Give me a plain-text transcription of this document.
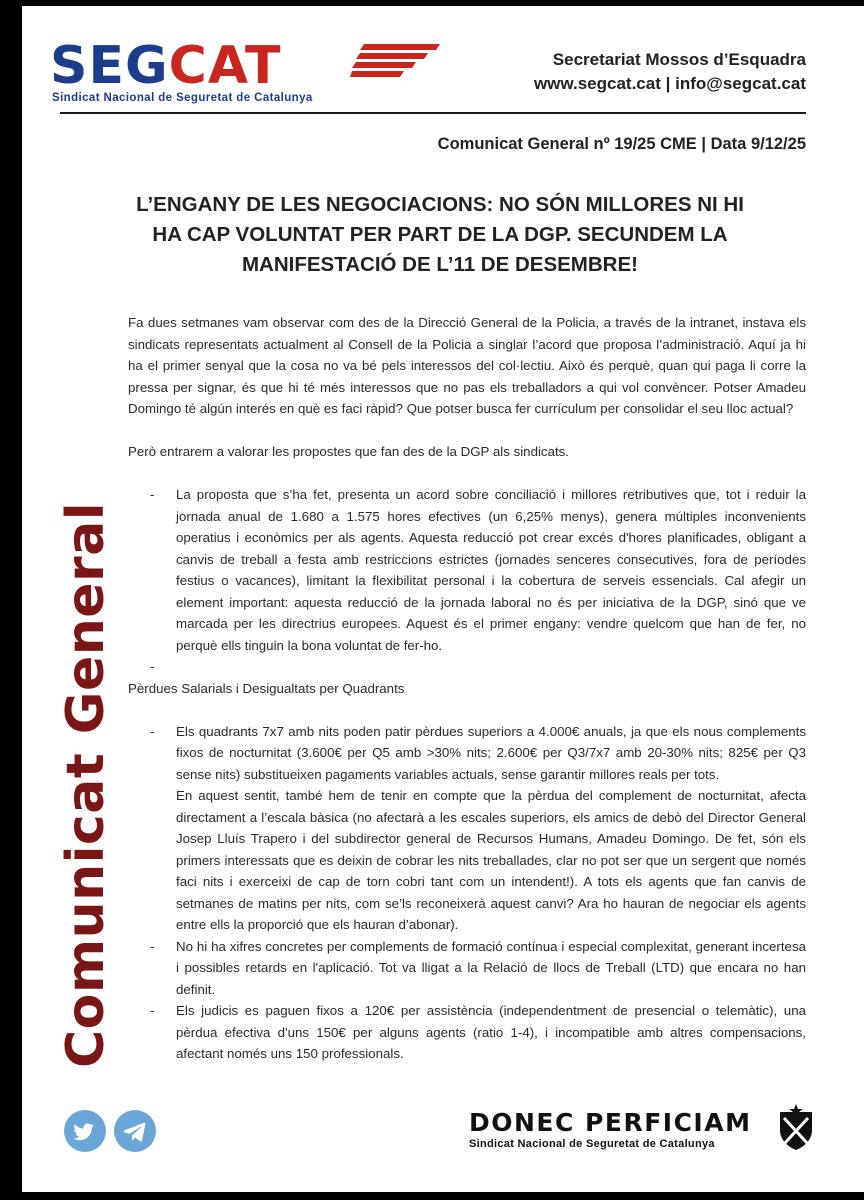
SEGCAT
Sindicat Nacional de Seguretat de Catalunya
Secretariat Mossos d’Esquadra
www.segcat.cat | info@segcat.cat
Comunicat General nº 19/25 CME | Data 9/12/25
L’ENGANY DE LES NEGOCIACIONS: NO SÓN MILLORES NI HI HA CAP VOLUNTAT PER PART DE LA DGP. SECUNDEM LA MANIFESTACIÓ DE L’11 DE DESEMBRE!
Comunicat General

Fa dues setmanes vam observar com des de la Direcció General de la Policia, a través de la intranet, instava els sindicats representats actualment al Consell de la Policia a singlar l’acord que proposa l’administració. Aquí ja hi ha el primer senyal que la cosa no va bé pels interessos del col·lectiu. Això és perquè, quan qui paga li corre la pressa per signar, és que hi té més interessos que no pas els treballadors a qui vol convèncer. Potser Amadeu Domingo té algún interés en què es faci ràpid? Que potser busca fer currículum per consolidar el seu lloc actual?

Però entrarem a valorar les propostes que fan des de la DGP als sindicats.

- La proposta que s’ha fet, presenta un acord sobre conciliació i millores retributives que, tot i reduir la jornada anual de 1.680 a 1.575 hores efectives (un 6,25% menys), genera múltiples inconvenients operatius i econòmics per als agents. Aquesta reducció pot crear excés d'hores planificades, obligant a canvis de treball a festa amb restriccions estrictes (jornades senceres consecutives, fora de períodes festius o vacances), limitant la flexibilitat personal i la cobertura de serveis essencials. Cal afegir un element important: aquesta reducció de la jornada laboral no és per iniciativa de la DGP, sinó que ve marcada per les directrius europees. Aquest és el primer engany: vendre quelcom que han de fer, no perquè ells tinguin la bona voluntat de fer-ho.

-

Pèrdues Salarials i Desigualtats per Quadrants

- Els quadrants 7x7 amb nits poden patir pèrdues superiors a 4.000€ anuals, ja que els nous complements fixos de nocturnitat (3.600€ per Q5 amb >30% nits; 2.600€ per Q3/7x7 amb 20-30% nits; 825€ per Q3 sense nits) substitueixen pagaments variables actuals, sense garantir millores reals per tots.

En aquest sentit, també hem de tenir en compte que la pèrdua del complement de nocturnitat, afecta directament a l’escala bàsica (no afectarà a les escales superiors, els amics de debò del Director General Josep Lluís Trapero i del subdirector general de Recursos Humans, Amadeu Domingo. De fet, són els primers interessats que es deixin de cobrar les nits treballades, clar no pot ser que un sergent que només faci nits i exerceixi de cap de torn cobri tant com un intendent!). A tots els agents que fan canvis de setmanes de matins per nits, com se’ls reconeixerà aquest canvi? Ara ho hauran de negociar els agents entre ells la proporció que els hauran d’abonar).

- No hi ha xifres concretes per complements de formació contínua i especial complexitat, generant incertesa i possibles retards en l'aplicació. Tot va lligat a la Relació de llocs de Treball (LTD) que encara no han definit.

- Els judicis es paguen fixos a 120€ per assistència (independentment de presencial o telemàtic), una pèrdua efectiva d'uns 150€ per alguns agents (ratio 1-4), i incompatible amb altres compensacions, afectant només uns 150 professionals.

DONEC PERFICIAM
Sindicat Nacional de Seguretat de Catalunya
